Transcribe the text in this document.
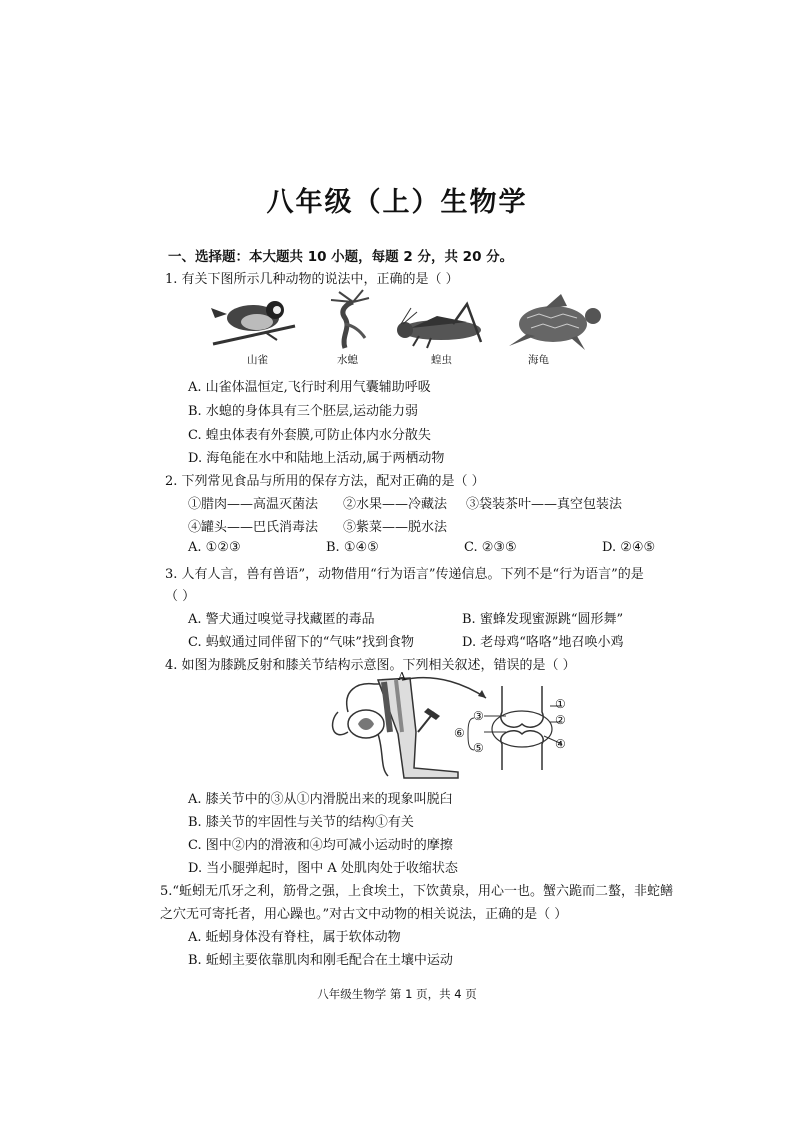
八年级（上）生物学
一、选择题：本大题共 10 小题，每题 2 分，共 20 分。
1. 有关下图所示几种动物的说法中，正确的是（ ）
山雀	水螅	蝗虫	海龟
A. 山雀体温恒定,飞行时利用气囊辅助呼吸
B. 水螅的身体具有三个胚层,运动能力弱
C. 蝗虫体表有外套膜,可防止体内水分散失
D. 海龟能在水中和陆地上活动,属于两栖动物
2. 下列常见食品与所用的保存方法，配对正确的是（ ）
①腊肉——高温灭菌法 ②水果——冷藏法 ③袋装茶叶——真空包装法
④罐头——巴氏消毒法 ⑤紫菜——脱水法
A. ①②③	B. ①④⑤	C. ②③⑤	D. ②④⑤
3. 人有人言，兽有兽语”，动物借用“行为语言”传递信息。下列不是“行为语言”的是
（ ）
A. 警犬通过嗅觉寻找藏匿的毒品	B. 蜜蜂发现蜜源跳“圆形舞”
C. 蚂蚁通过同伴留下的“气味”找到食物	D. 老母鸡“咯咯”地召唤小鸡
4. 如图为膝跳反射和膝关节结构示意图。下列相关叙述，错误的是（ ）
A
①
②
③
④
⑤
⑥
A. 膝关节中的③从①内滑脱出来的现象叫脱臼
B. 膝关节的牢固性与关节的结构①有关
C. 图中②内的滑液和④均可减小运动时的摩擦
D. 当小腿弹起时，图中 A 处肌肉处于收缩状态
5.“蚯蚓无爪牙之利，筋骨之强，上食埃土，下饮黄泉，用心一也。蟹六跪而二螯，非蛇鳝
之穴无可寄托者，用心躁也。”对古文中动物的相关说法，正确的是（ ）
A. 蚯蚓身体没有脊柱，属于软体动物
B. 蚯蚓主要依靠肌肉和刚毛配合在土壤中运动
八年级生物学 第 1 页，共 4 页
